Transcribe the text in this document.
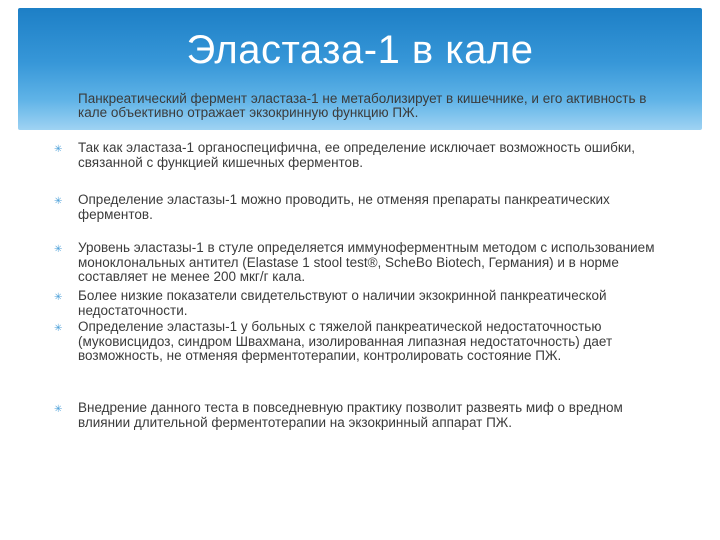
Эластаза-1 в кале
Панкреатический фермент эластаза-1 не метаболизирует в кишечнике, и его активность в кале объективно отражает экзокринную функцию ПЖ.
✳ Так как эластаза-1 органоспецифична, ее определение исключает возможность ошибки, связанной с функцией кишечных ферментов.
✳ Определение эластазы-1 можно проводить, не отменяя препараты панкреатических ферментов.
✳ Уровень эластазы-1 в стуле определяется иммуноферментным методом с использованием моноклональных антител (Elastase 1 stool test®, ScheBo Biotech, Германия) и в норме составляет не менее 200 мкг/г кала.
✳ Более низкие показатели свидетельствуют о наличии экзокринной панкреатической недостаточности.
✳ Определение эластазы-1 у больных с тяжелой панкреатической недостаточностью (муковисцидоз, синдром Швахмана, изолированная липазная недостаточность) дает возможность, не отменяя ферментотерапии, контролировать состояние ПЖ.
✳ Внедрение данного теста в повседневную практику позволит развеять миф о вредном влиянии длительной ферментотерапии на экзокринный аппарат ПЖ.
